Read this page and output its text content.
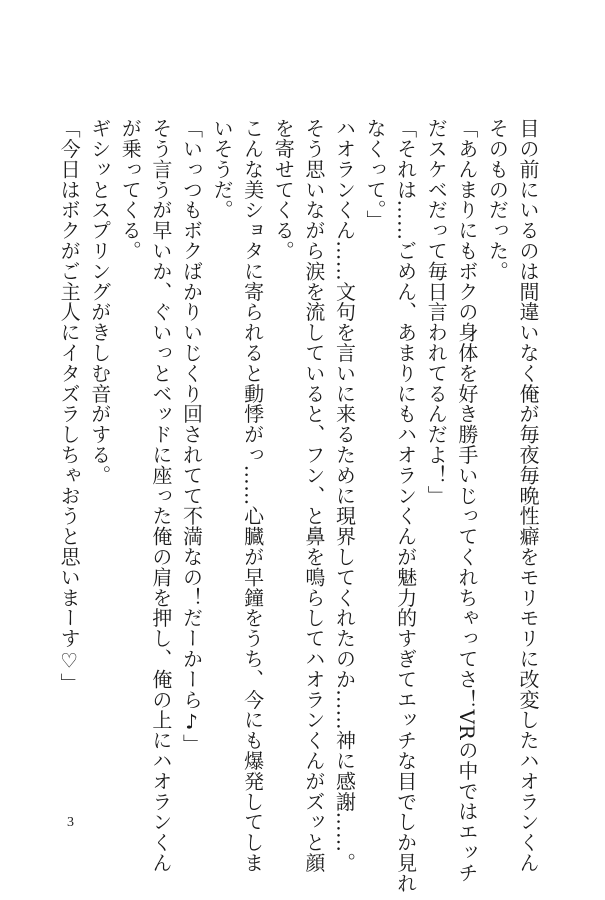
目の前にいるのは間違いなく俺が毎夜毎晩性癖をモリモリに改変したハオランくん
そのものだった。
「あんまりにもボクの身体を好き勝手いじってくれちゃってさ！VRの中ではエッチ
だスケベだって毎日言われてるんだよ！」
「それは……ごめん、あまりにもハオランくんが魅力的すぎてエッチな目でしか見れ
なくって。」
ハオランくん……文句を言いに来るために現界してくれたのか……神に感謝……。
そう思いながら涙を流していると、フン、と鼻を鳴らしてハオランくんがズッと顔
を寄せてくる。
こんな美ショタに寄られると動悸がっ……心臓が早鐘をうち、今にも爆発してしま
いそうだ。
「いっつもボクばかりいじくり回されてて不満なの！だーかーら♪」
そう言うが早いか、ぐいっとベッドに座った俺の肩を押し、俺の上にハオランくん
が乗ってくる。
ギシッとスプリングがきしむ音がする。
「今日はボクがご主人にイタズラしちゃおうと思いまーす♡」
3
